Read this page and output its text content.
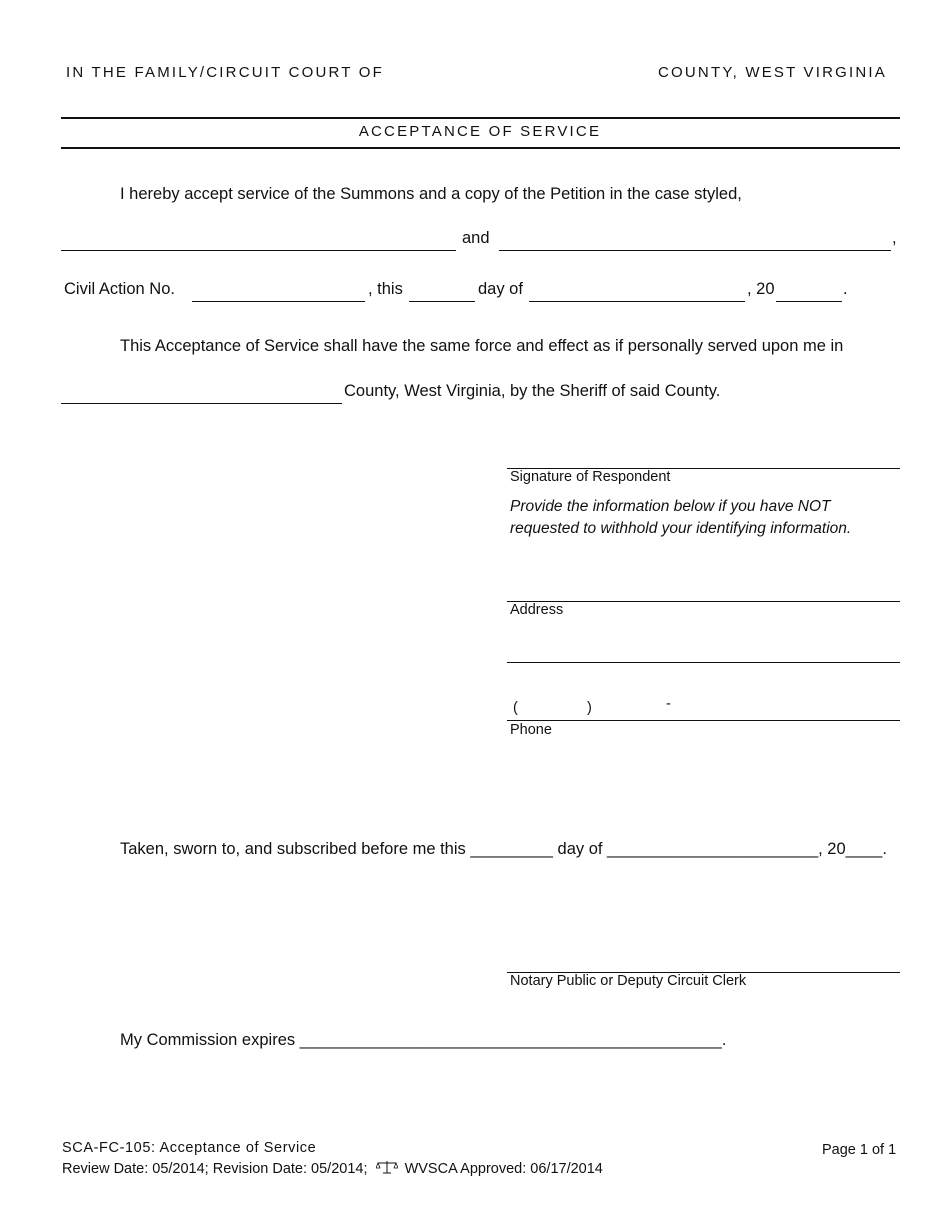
IN THE FAMILY/CIRCUIT COURT OF	COUNTY, WEST VIRGINIA
ACCEPTANCE OF SERVICE
I hereby accept service of the Summons and a copy of the Petition in the case styled,
and	,
Civil Action No.	, this	day of	, 20	.
This Acceptance of Service shall have the same force and effect as if personally served upon me in
County, West Virginia, by the Sheriff of said County.
Signature of Respondent
Provide the information below if you have NOT
requested to withhold your identifying information.
Address
(	)	-
Phone
Taken, sworn to, and subscribed before me this _________ day of _______________________, 20____.
Notary Public or Deputy Circuit Clerk
My Commission expires ______________________________________________.
SCA-FC-105: Acceptance of Service
Review Date: 05/2014; Revision Date: 05/2014;	WVSCA Approved: 06/17/2014
Page 1 of 1
